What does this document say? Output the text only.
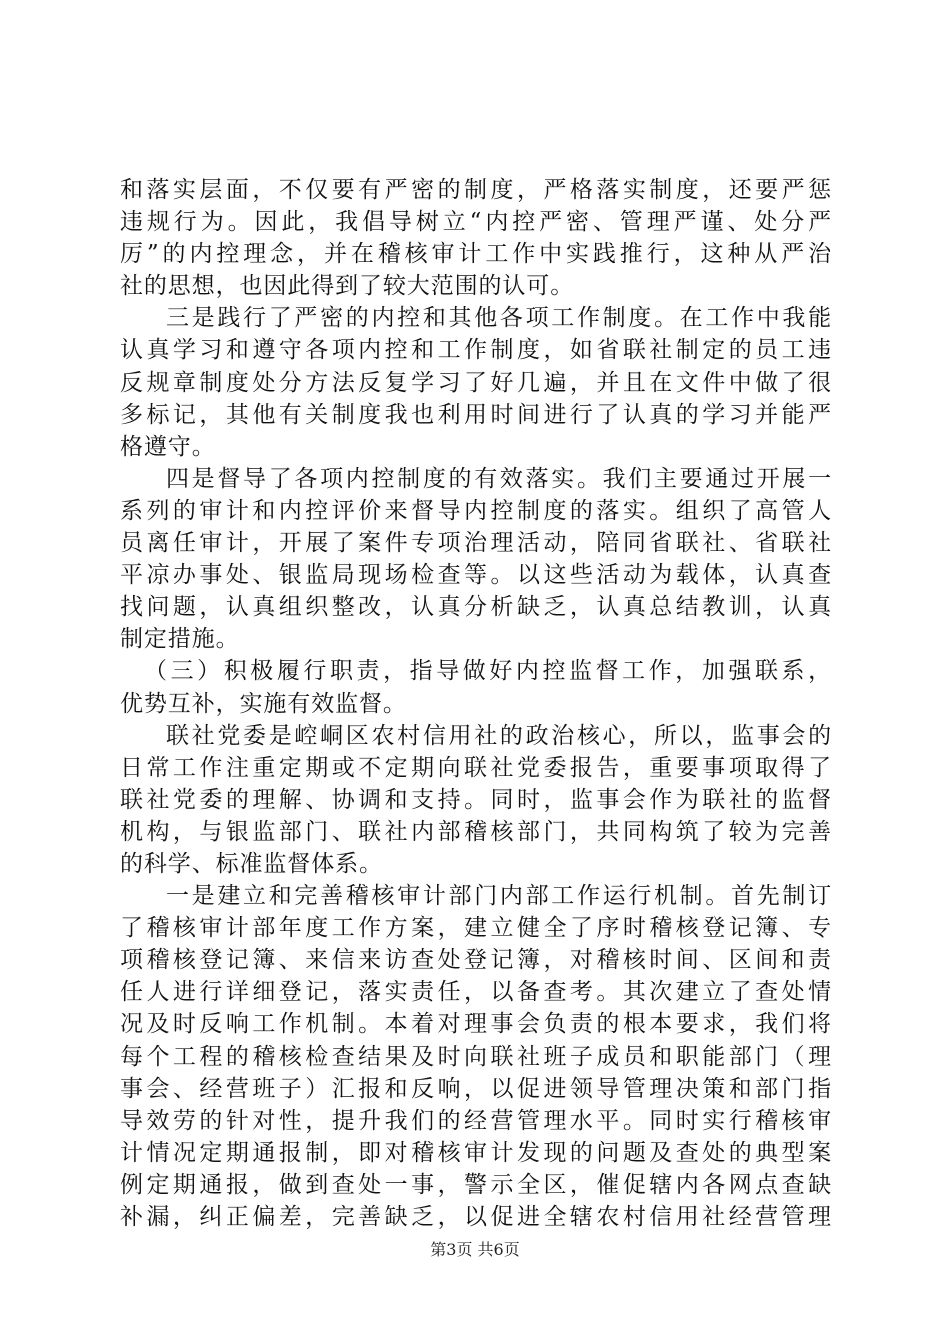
和落实层面，不仅要有严密的制度，严格落实制度，还要严惩
违规行为。因此，我倡导树立“内控严密、管理严谨、处分严
厉”的内控理念，并在稽核审计工作中实践推行，这种从严治
社的思想，也因此得到了较大范围的认可。
三是践行了严密的内控和其他各项工作制度。在工作中我能
认真学习和遵守各项内控和工作制度，如省联社制定的员工违
反规章制度处分方法反复学习了好几遍，并且在文件中做了很
多标记，其他有关制度我也利用时间进行了认真的学习并能严
格遵守。
四是督导了各项内控制度的有效落实。我们主要通过开展一
系列的审计和内控评价来督导内控制度的落实。组织了高管人
员离任审计，开展了案件专项治理活动，陪同省联社、省联社
平凉办事处、银监局现场检查等。以这些活动为载体，认真查
找问题，认真组织整改，认真分析缺乏，认真总结教训，认真
制定措施。
（三）积极履行职责，指导做好内控监督工作，加强联系，
优势互补，实施有效监督。
联社党委是崆峒区农村信用社的政治核心，所以，监事会的
日常工作注重定期或不定期向联社党委报告，重要事项取得了
联社党委的理解、协调和支持。同时，监事会作为联社的监督
机构，与银监部门、联社内部稽核部门，共同构筑了较为完善
的科学、标准监督体系。
一是建立和完善稽核审计部门内部工作运行机制。首先制订
了稽核审计部年度工作方案，建立健全了序时稽核登记簿、专
项稽核登记簿、来信来访查处登记簿，对稽核时间、区间和责
任人进行详细登记，落实责任，以备查考。其次建立了查处情
况及时反响工作机制。本着对理事会负责的根本要求，我们将
每个工程的稽核检查结果及时向联社班子成员和职能部门（理
事会、经营班子）汇报和反响，以促进领导管理决策和部门指
导效劳的针对性，提升我们的经营管理水平。同时实行稽核审
计情况定期通报制，即对稽核审计发现的问题及查处的典型案
例定期通报，做到查处一事，警示全区，催促辖内各网点查缺
补漏，纠正偏差，完善缺乏，以促进全辖农村信用社经营管理
第3页 共6页
